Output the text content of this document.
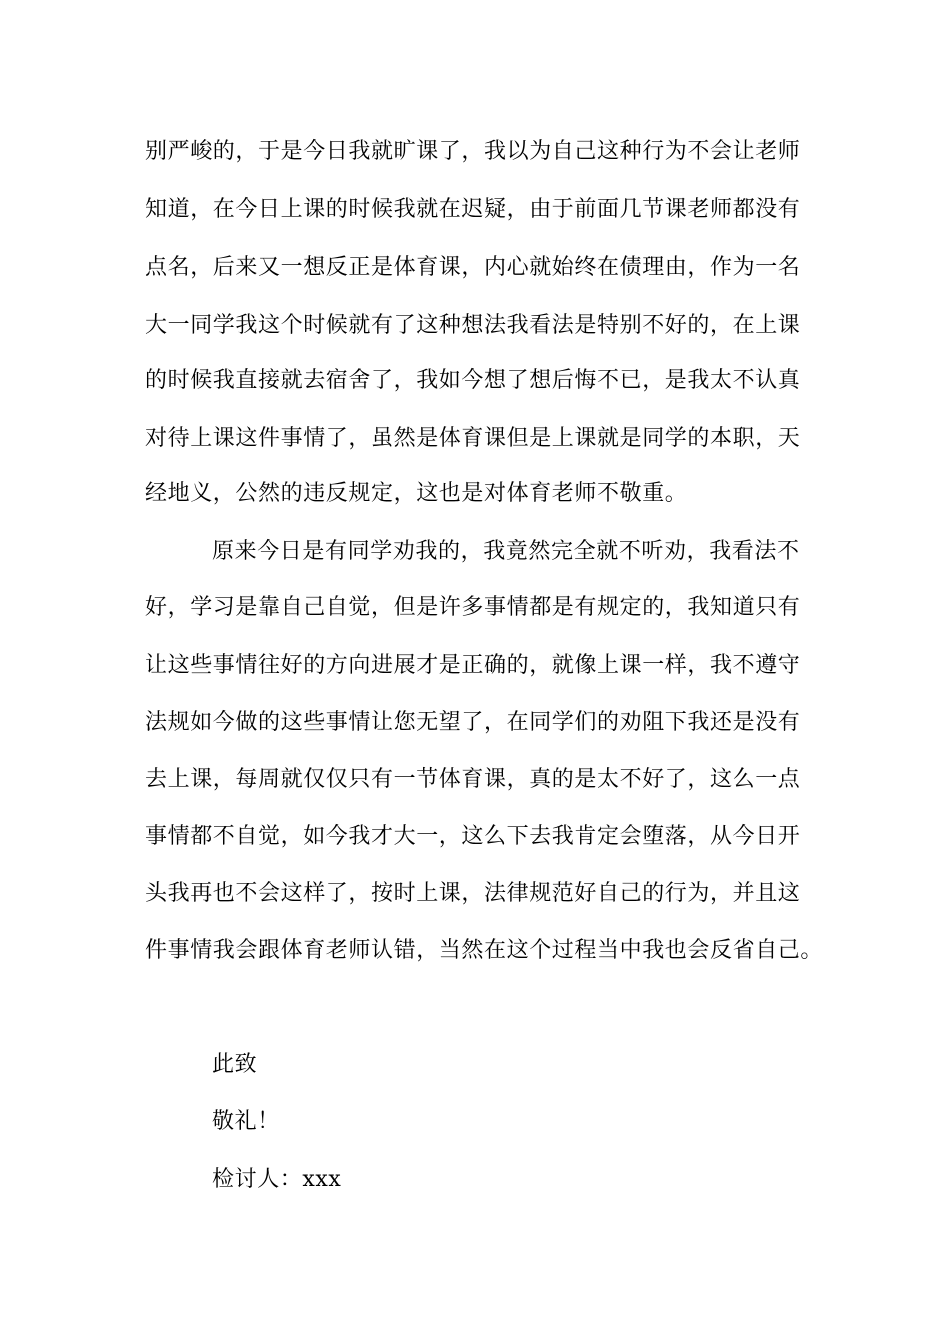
别严峻的，于是今日我就旷课了，我以为自己这种行为不会让老师
知道，在今日上课的时候我就在迟疑，由于前面几节课老师都没有
点名，后来又一想反正是体育课，内心就始终在债理由，作为一名
大一同学我这个时候就有了这种想法我看法是特别不好的，在上课
的时候我直接就去宿舍了，我如今想了想后悔不已，是我太不认真
对待上课这件事情了，虽然是体育课但是上课就是同学的本职，天
经地义，公然的违反规定，这也是对体育老师不敬重。
原来今日是有同学劝我的，我竟然完全就不听劝，我看法不
好，学习是靠自己自觉，但是许多事情都是有规定的，我知道只有
让这些事情往好的方向进展才是正确的，就像上课一样，我不遵守
法规如今做的这些事情让您无望了，在同学们的劝阻下我还是没有
去上课，每周就仅仅只有一节体育课，真的是太不好了，这么一点
事情都不自觉，如今我才大一，这么下去我肯定会堕落，从今日开
头我再也不会这样了，按时上课，法律规范好自己的行为，并且这
件事情我会跟体育老师认错，当然在这个过程当中我也会反省自己。
此致
敬礼！
检讨人：xxx
